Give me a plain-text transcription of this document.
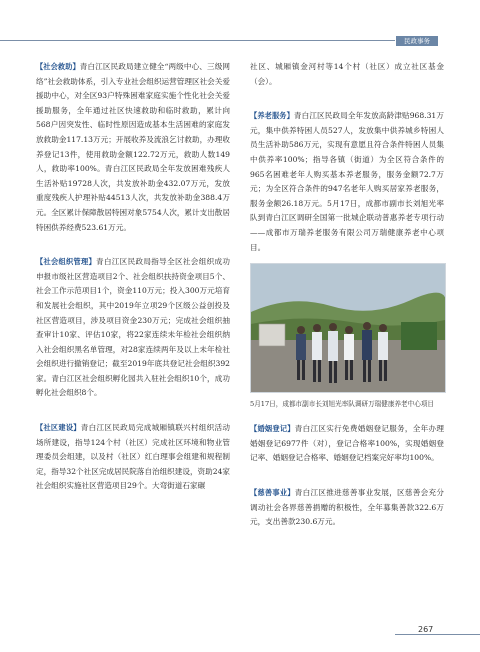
民政事务

【社会救助】青白江区民政局建立健全“两级中心、三级网络”社会救助体系，引入专业社会组织运营管理区社会关爱援助中心，对全区93户特殊困难家庭实施个性化社会关爱援助服务，全年通过社区快速救助和临时救助，累计向568户因突发性、临时性原因造成基本生活困难的家庭发放救助金117.13万元；开展收养及流浪乞讨救助，办理收养登记13件，使用救助金额122.72万元，救助人数149人，救助率100%。青白江区民政局全年发放困难残疾人生活补贴19728人次，共发放补助金432.07万元，发放重度残疾人护理补贴44513人次，共发放补助金388.4万元。全区累计保障散居特困对象5754人次，累计支出散居特困供养经费523.61万元。

【社会组织管理】青白江区民政局指导全区社会组织成功申报市级社区营造项目2个、社会组织扶持资金项目5个、社会工作示范项目1个，资金110万元；投入300万元培育和发展社会组织，其中2019年立项29个区级公益创投及社区营造项目，涉及项目资金230万元；完成社会组织抽查审计10家、评估10家，将22家连续未年检社会组织纳入社会组织黑名单管理，对28家连续两年及以上未年检社会组织进行撤销登记；截至2019年底共登记社会组织392家。青白江区社会组织孵化园共入驻社会组织10个，成功孵化社会组织8个。

【社区建设】青白江区民政局完成城厢镇联兴村组织活动场所建设，指导124个村（社区）完成社区环境和物业管理委员会组建，以及村（社区）红白理事会组建和规程制定，指导32个社区完成居民院落自治组织建设，资助24家社会组织实施社区营造项目29个。大弯街道石家碾

社区、城厢镇金河村等14个村（社区）成立社区基金（会）。

【养老服务】青白江区民政局全年发放高龄津贴968.31万元，集中供养特困人员527人，发放集中供养城乡特困人员生活补助586万元，实现有意愿且符合条件特困人员集中供养率100%；指导各镇（街道）为全区符合条件的965名困难老年人购买基本养老服务，服务金额72.7万元；为全区符合条件的947名老年人购买居家养老服务，服务金额26.18万元。5月17日，成都市副市长刘旭光率队到青白江区调研全国第一批城企联动普惠养老专项行动——成都市万瑞养老服务有限公司万瑞健康养老中心项目。

5月17日，成都市副市长刘旭光率队调研万瑞健康养老中心项目

【婚姻登记】青白江区实行免费婚姻登记服务，全年办理婚姻登记6977件（对），登记合格率100%，实现婚姻登记率、婚姻登记合格率、婚姻登记档案完好率均100%。

【慈善事业】青白江区推进慈善事业发展，区慈善会充分调动社会各界慈善捐赠的积极性，全年募集善款322.6万元，支出善款230.6万元。

267
